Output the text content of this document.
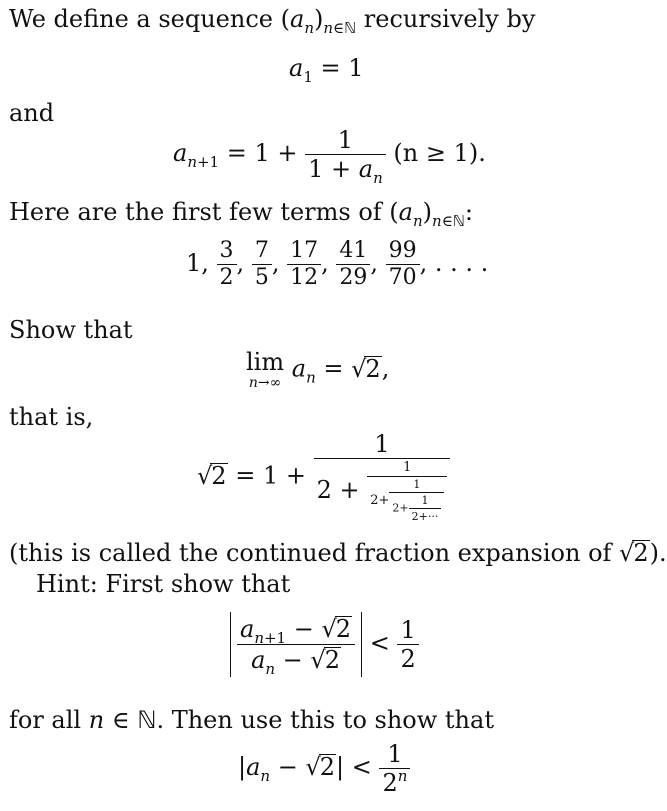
We define a sequence $(a_n)_{n\in ℕ}$ recursively by
$a_1 = 1$
and
$a_{n+1} = 1 + \frac{1}{1 + a_n} (n \ge 1)$.
Here are the first few terms of $(a_n)_{n\in ℕ}$:
1, $\frac{3}{2}$ , $\frac{7}{5}$ , $\frac{17}{12}$ , $\frac{41}{29}$ , $\frac{99}{70}$ , . . . .
Show that
lim
n→∞
$a_n = √2$,
that is,
$√2 = 1 + \frac{1}{2 + \frac{1}{2+ \frac{1}{2+ \frac{1}{2+\cdot\cdot\cdot}}}}$
(this is called the continued fraction expansion of √2).
Hint: First show that
$\frac{a_{n+1} - √2}{a_n - √2} < \frac{1}{2}$
for all n ∈ ℕ. Then use this to show that
$|a_n - √2| < \frac{1}{2^n}$
